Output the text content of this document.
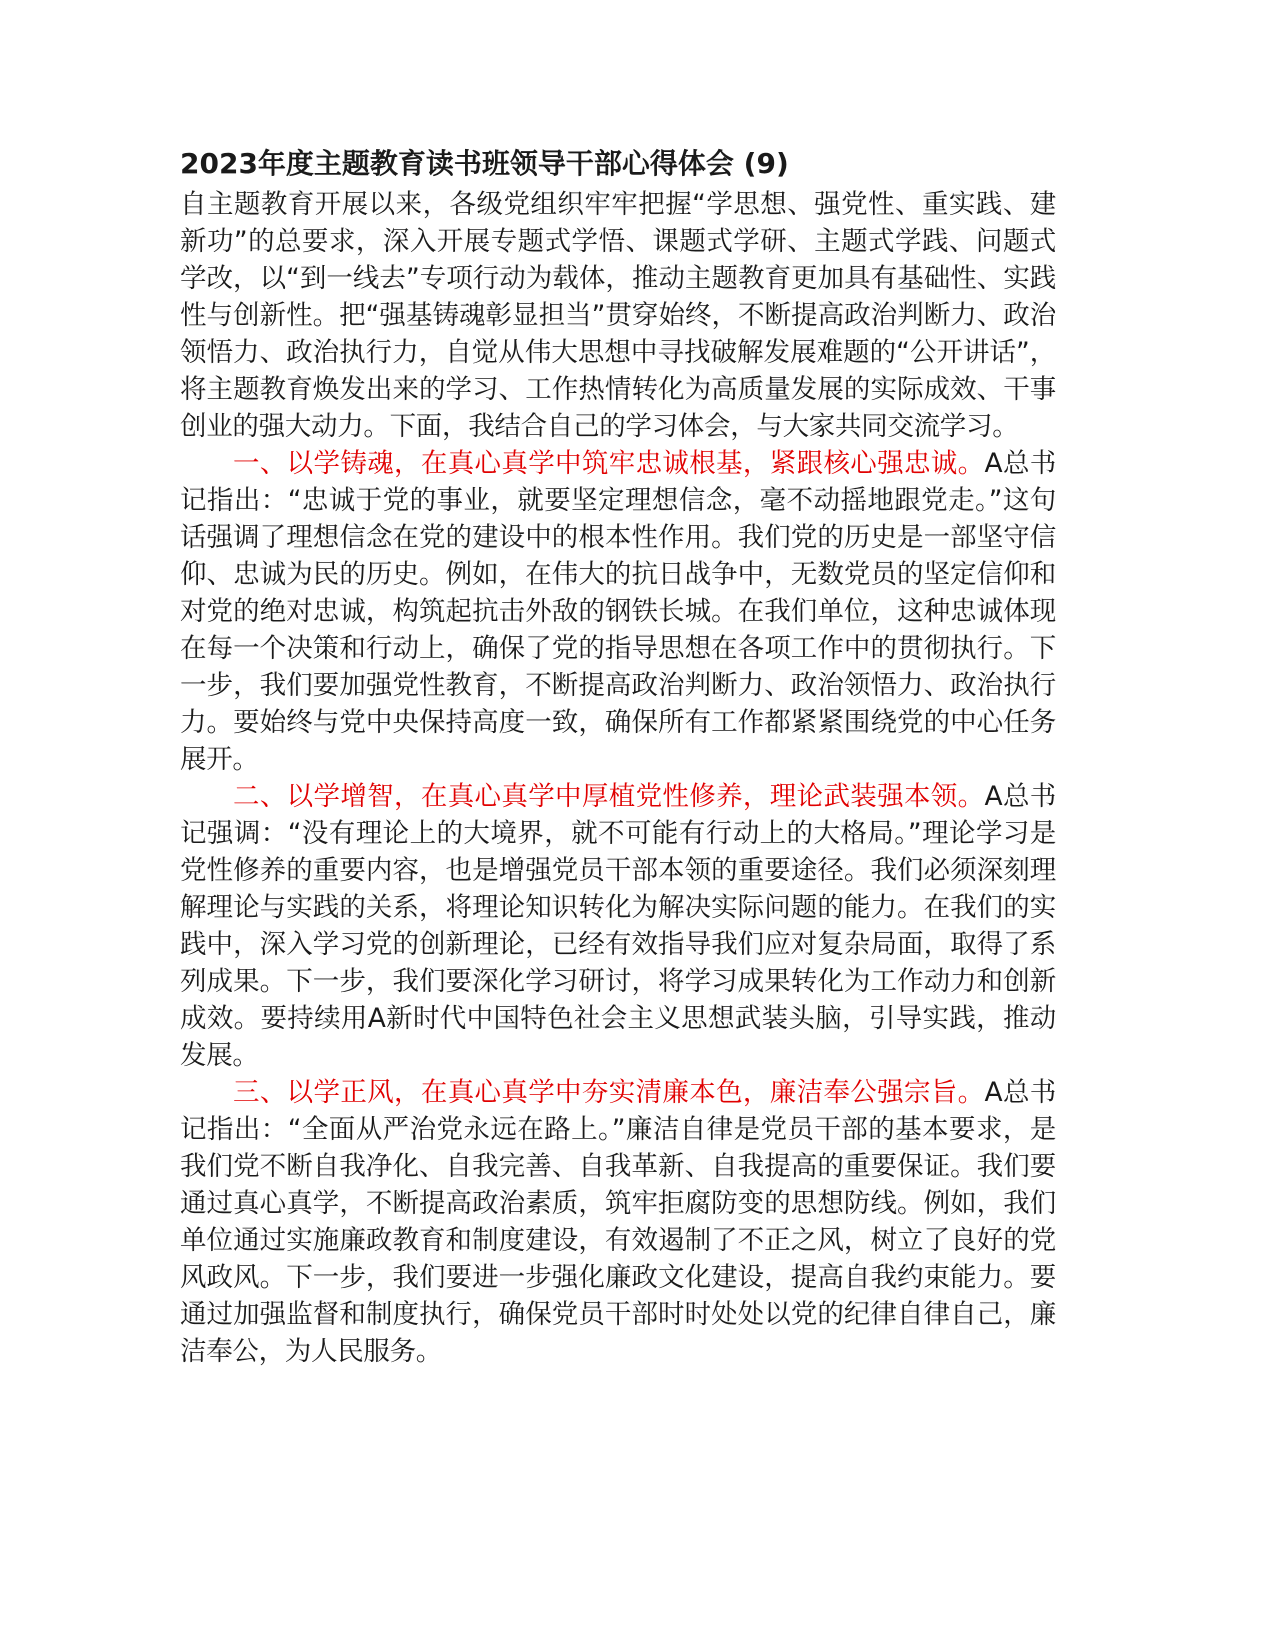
2023年度主题教育读书班领导干部心得体会 (9)

自主题教育开展以来，各级党组织牢牢把握“学思想、强党性、重实践、建新功”的总要求，深入开展专题式学悟、课题式学研、主题式学践、问题式学改，以“到一线去”专项行动为载体，推动主题教育更加具有基础性、实践性与创新性。把“强基铸魂彰显担当”贯穿始终，不断提高政治判断力、政治领悟力、政治执行力，自觉从伟大思想中寻找破解发展难题的“公开讲话”，将主题教育焕发出来的学习、工作热情转化为高质量发展的实际成效、干事创业的强大动力。下面，我结合自己的学习体会，与大家共同交流学习。

一、以学铸魂，在真心真学中筑牢忠诚根基，紧跟核心强忠诚。A总书记指出：“忠诚于党的事业，就要坚定理想信念，毫不动摇地跟党走。”这句话强调了理想信念在党的建设中的根本性作用。我们党的历史是一部坚守信仰、忠诚为民的历史。例如，在伟大的抗日战争中，无数党员的坚定信仰和对党的绝对忠诚，构筑起抗击外敌的钢铁长城。在我们单位，这种忠诚体现在每一个决策和行动上，确保了党的指导思想在各项工作中的贯彻执行。下一步，我们要加强党性教育，不断提高政治判断力、政治领悟力、政治执行力。要始终与党中央保持高度一致，确保所有工作都紧紧围绕党的中心任务展开。

二、以学增智，在真心真学中厚植党性修养，理论武装强本领。A总书记强调：“没有理论上的大境界，就不可能有行动上的大格局。”理论学习是党性修养的重要内容，也是增强党员干部本领的重要途径。我们必须深刻理解理论与实践的关系，将理论知识转化为解决实际问题的能力。在我们的实践中，深入学习党的创新理论，已经有效指导我们应对复杂局面，取得了系列成果。下一步，我们要深化学习研讨，将学习成果转化为工作动力和创新成效。要持续用A新时代中国特色社会主义思想武装头脑，引导实践，推动发展。

三、以学正风，在真心真学中夯实清廉本色，廉洁奉公强宗旨。A总书记指出：“全面从严治党永远在路上。”廉洁自律是党员干部的基本要求，是我们党不断自我净化、自我完善、自我革新、自我提高的重要保证。我们要通过真心真学，不断提高政治素质，筑牢拒腐防变的思想防线。例如，我们单位通过实施廉政教育和制度建设，有效遏制了不正之风，树立了良好的党风政风。下一步，我们要进一步强化廉政文化建设，提高自我约束能力。要通过加强监督和制度执行，确保党员干部时时处处以党的纪律自律自己，廉洁奉公，为人民服务。
